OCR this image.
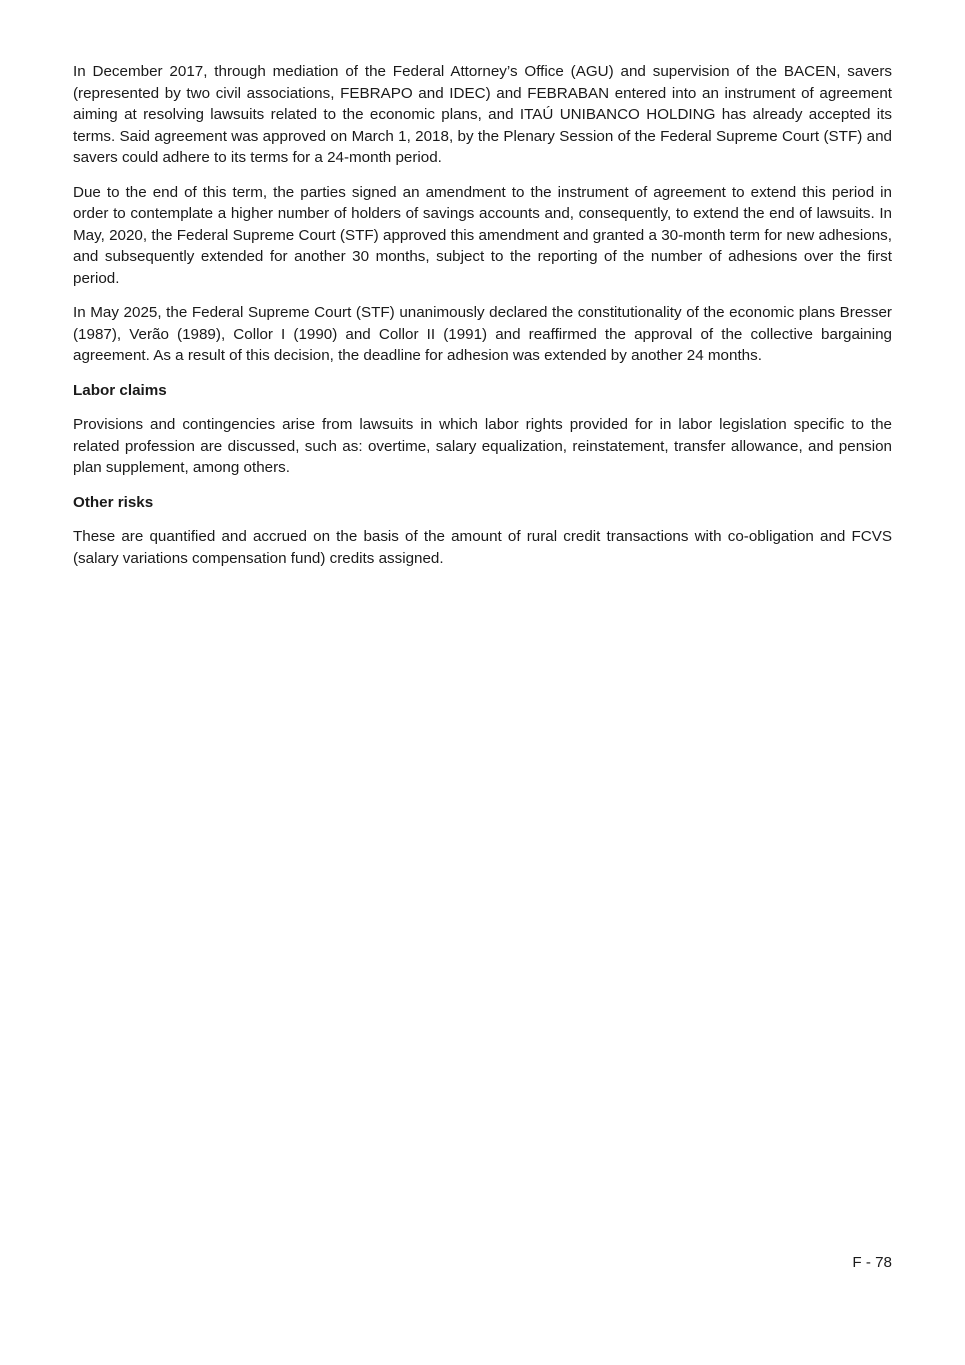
In December 2017, through mediation of the Federal Attorney’s Office (AGU) and supervision of the BACEN, savers (represented by two civil associations, FEBRAPO and IDEC) and FEBRABAN entered into an instrument of agreement aiming at resolving lawsuits related to the economic plans, and ITAÚ UNIBANCO HOLDING has already accepted its terms. Said agreement was approved on March 1, 2018, by the Plenary Session of the Federal Supreme Court (STF) and savers could adhere to its terms for a 24-month period.

Due to the end of this term, the parties signed an amendment to the instrument of agreement to extend this period in order to contemplate a higher number of holders of savings accounts and, consequently, to extend the end of lawsuits. In May, 2020, the Federal Supreme Court (STF) approved this amendment and granted a 30-month term for new adhesions, and subsequently extended for another 30 months, subject to the reporting of the number of adhesions over the first period.

In May 2025, the Federal Supreme Court (STF) unanimously declared the constitutionality of the economic plans Bresser (1987), Verão (1989), Collor I (1990) and Collor II (1991) and reaffirmed the approval of the collective bargaining agreement. As a result of this decision, the deadline for adhesion was extended by another 24 months.

Labor claims

Provisions and contingencies arise from lawsuits in which labor rights provided for in labor legislation specific to the related profession are discussed, such as: overtime, salary equalization, reinstatement, transfer allowance, and pension plan supplement, among others.

Other risks

These are quantified and accrued on the basis of the amount of rural credit transactions with co-obligation and FCVS (salary variations compensation fund) credits assigned.

F - 78
